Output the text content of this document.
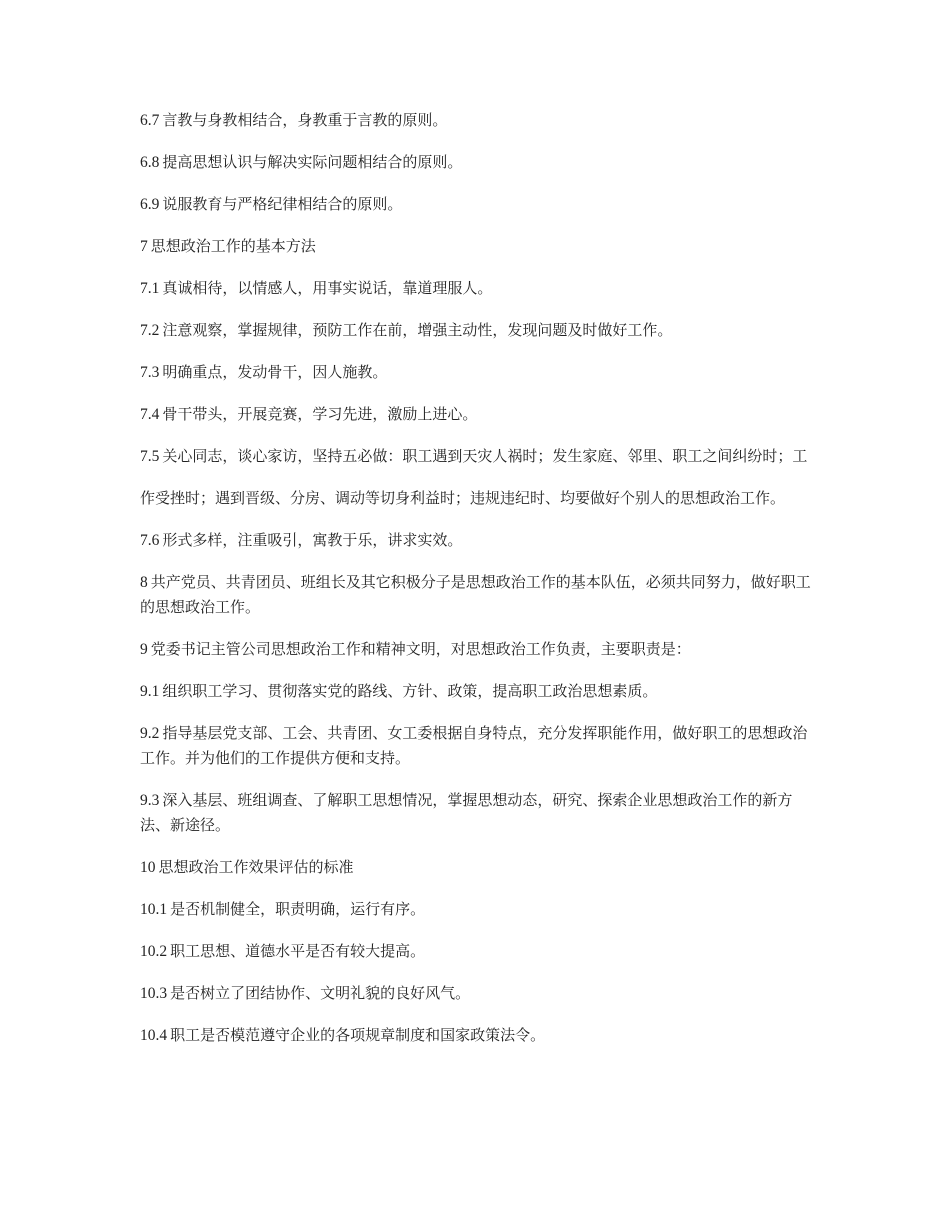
6.7 言教与身教相结合，身教重于言教的原则。

6.8 提高思想认识与解决实际问题相结合的原则。

6.9 说服教育与严格纪律相结合的原则。

7 思想政治工作的基本方法

7.1 真诚相待，以情感人，用事实说话，靠道理服人。

7.2 注意观察，掌握规律，预防工作在前，增强主动性，发现问题及时做好工作。

7.3 明确重点，发动骨干，因人施教。

7.4 骨干带头，开展竞赛，学习先进，激励上进心。

7.5 关心同志，谈心家访，坚持五必做：职工遇到天灾人祸时；发生家庭、邻里、职工之间纠纷时；工

作受挫时；遇到晋级、分房、调动等切身利益时；违规违纪时、均要做好个别人的思想政治工作。

7.6 形式多样，注重吸引，寓教于乐，讲求实效。

8 共产党员、共青团员、班组长及其它积极分子是思想政治工作的基本队伍，必须共同努力，做好职工的思想政治工作。

9 党委书记主管公司思想政治工作和精神文明，对思想政治工作负责，主要职责是：

9.1 组织职工学习、贯彻落实党的路线、方针、政策，提高职工政治思想素质。

9.2 指导基层党支部、工会、共青团、女工委根据自身特点，充分发挥职能作用，做好职工的思想政治工作。并为他们的工作提供方便和支持。

9.3 深入基层、班组调查、了解职工思想情况，掌握思想动态，研究、探索企业思想政治工作的新方法、新途径。

10 思想政治工作效果评估的标准

10.1 是否机制健全，职责明确，运行有序。

10.2 职工思想、道德水平是否有较大提高。

10.3 是否树立了团结协作、文明礼貌的良好风气。

10.4 职工是否模范遵守企业的各项规章制度和国家政策法令。
